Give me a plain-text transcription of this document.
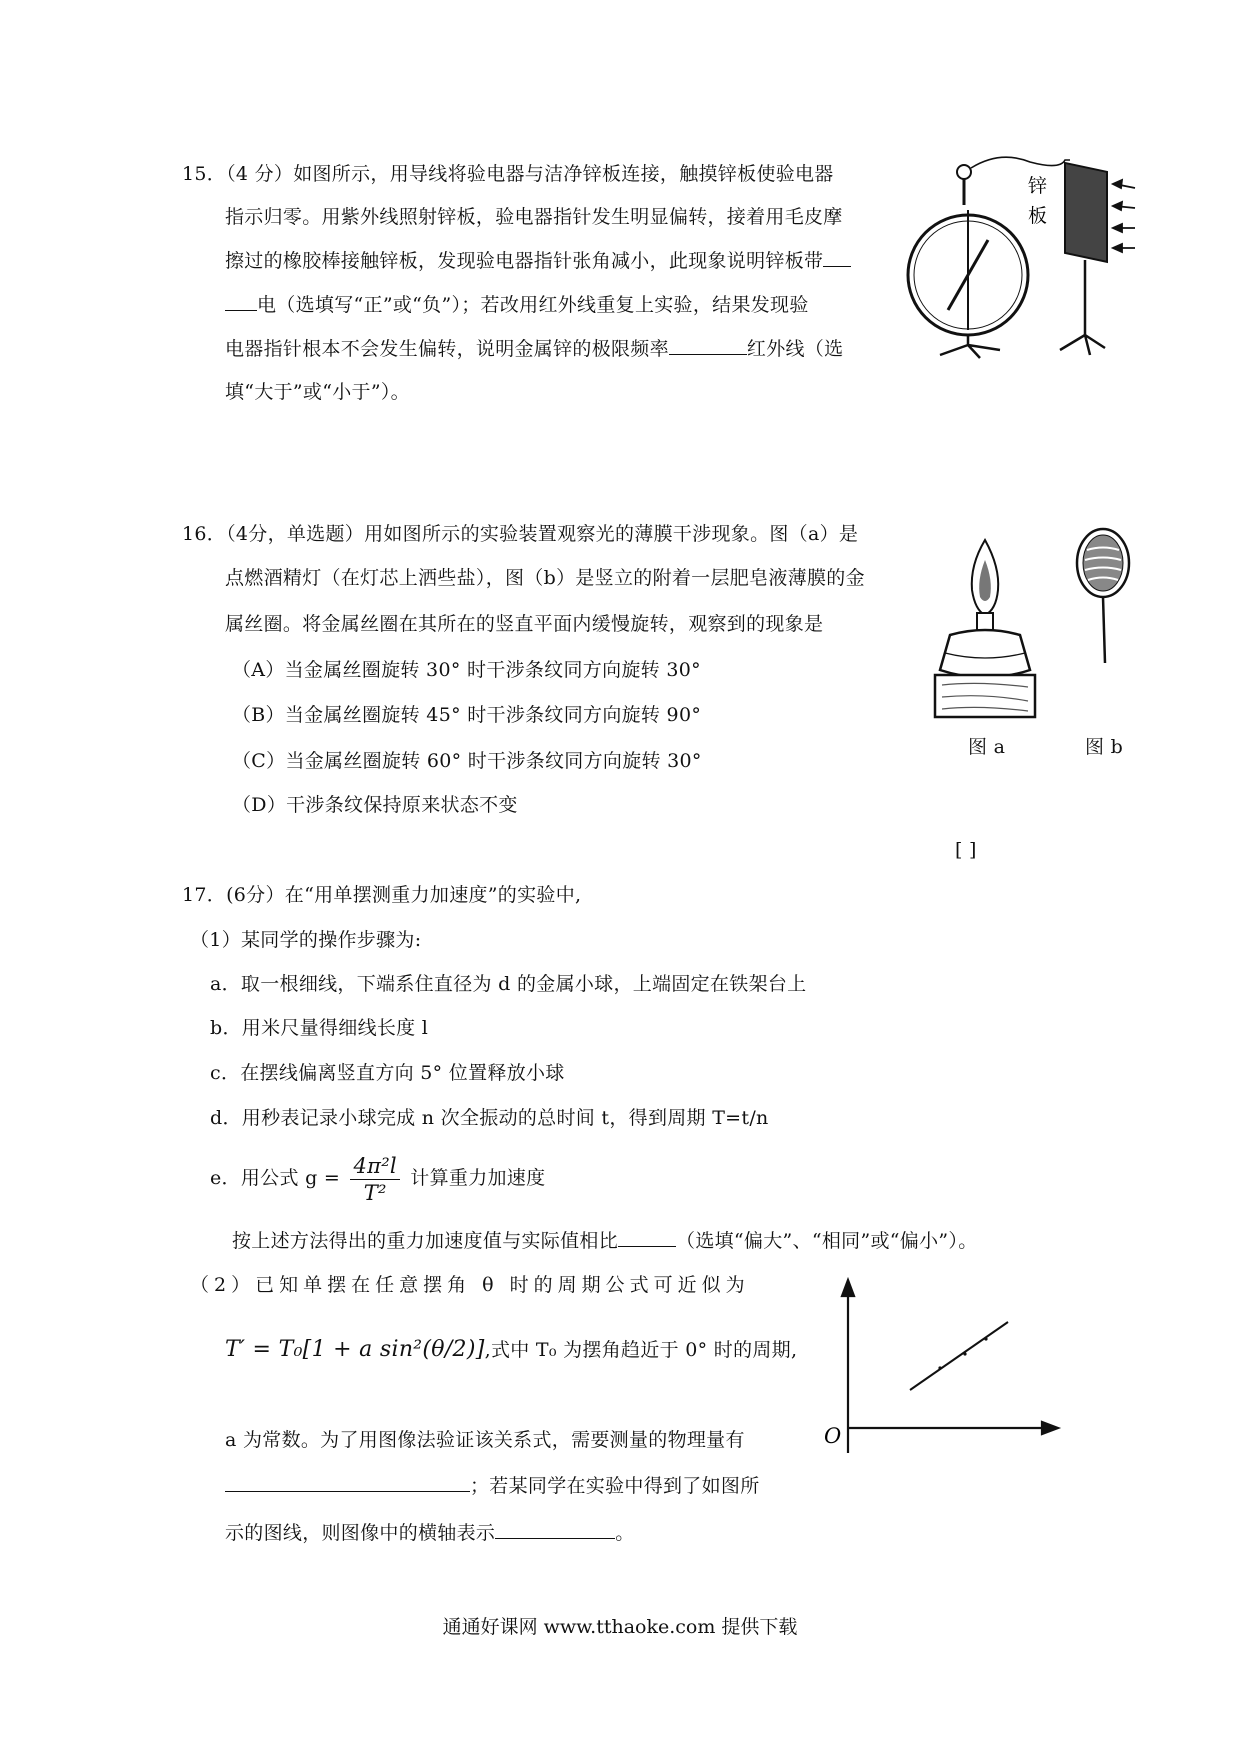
15．（4 分）如图所示，用导线将验电器与洁净锌板连接，触摸锌板使验电器
指示归零。用紫外线照射锌板，验电器指针发生明显偏转，接着用毛皮摩
擦过的橡胶棒接触锌板，发现验电器指针张角减小，此现象说明锌板带
电（选填写“正”或“负”）；若改用红外线重复上实验，结果发现验
电器指针根本不会发生偏转，说明金属锌的极限频率	红外线（选
填“大于”或“小于”）。
锌
板
16．（4分，单选题）用如图所示的实验装置观察光的薄膜干涉现象。图（a）是
点燃酒精灯（在灯芯上洒些盐），图（b）是竖立的附着一层肥皂液薄膜的金
属丝圈。将金属丝圈在其所在的竖直平面内缓慢旋转，观察到的现象是
（A）当金属丝圈旋转 30° 时干涉条纹同方向旋转 30°
（B）当金属丝圈旋转 45° 时干涉条纹同方向旋转 90°
（C）当金属丝圈旋转 60° 时干涉条纹同方向旋转 30°
（D）干涉条纹保持原来状态不变
[ ]
图 a	图 b
17．(6分）在“用单摆测重力加速度”的实验中,
（1）某同学的操作步骤为:
a．取一根细线，下端系住直径为 d 的金属小球，上端固定在铁架台上
b．用米尺量得细线长度 l
c．在摆线偏离竖直方向 5° 位置释放小球
d．用秒表记录小球完成 n 次全振动的总时间 t，得到周期 T=t/n
e．用公式 $g = \frac{\text{4π²l}}{\text{T²}}$ 计算重力加速度
按上述方法得出的重力加速度值与实际值相比	（选填“偏大”、“相同”或“偏小”）。
（2）已知单摆在任意摆角 θ 时的周期公式可近似为
T′ = T₀[1 + a sin²(θ/2)],式中 T₀ 为摆角趋近于 0° 时的周期,
a 为常数。为了用图像法验证该关系式，需要测量的物理量有
；若某同学在实验中得到了如图所
示的图线，则图像中的横轴表示	。
O
通通好课网 www.tthaoke.com 提供下载
